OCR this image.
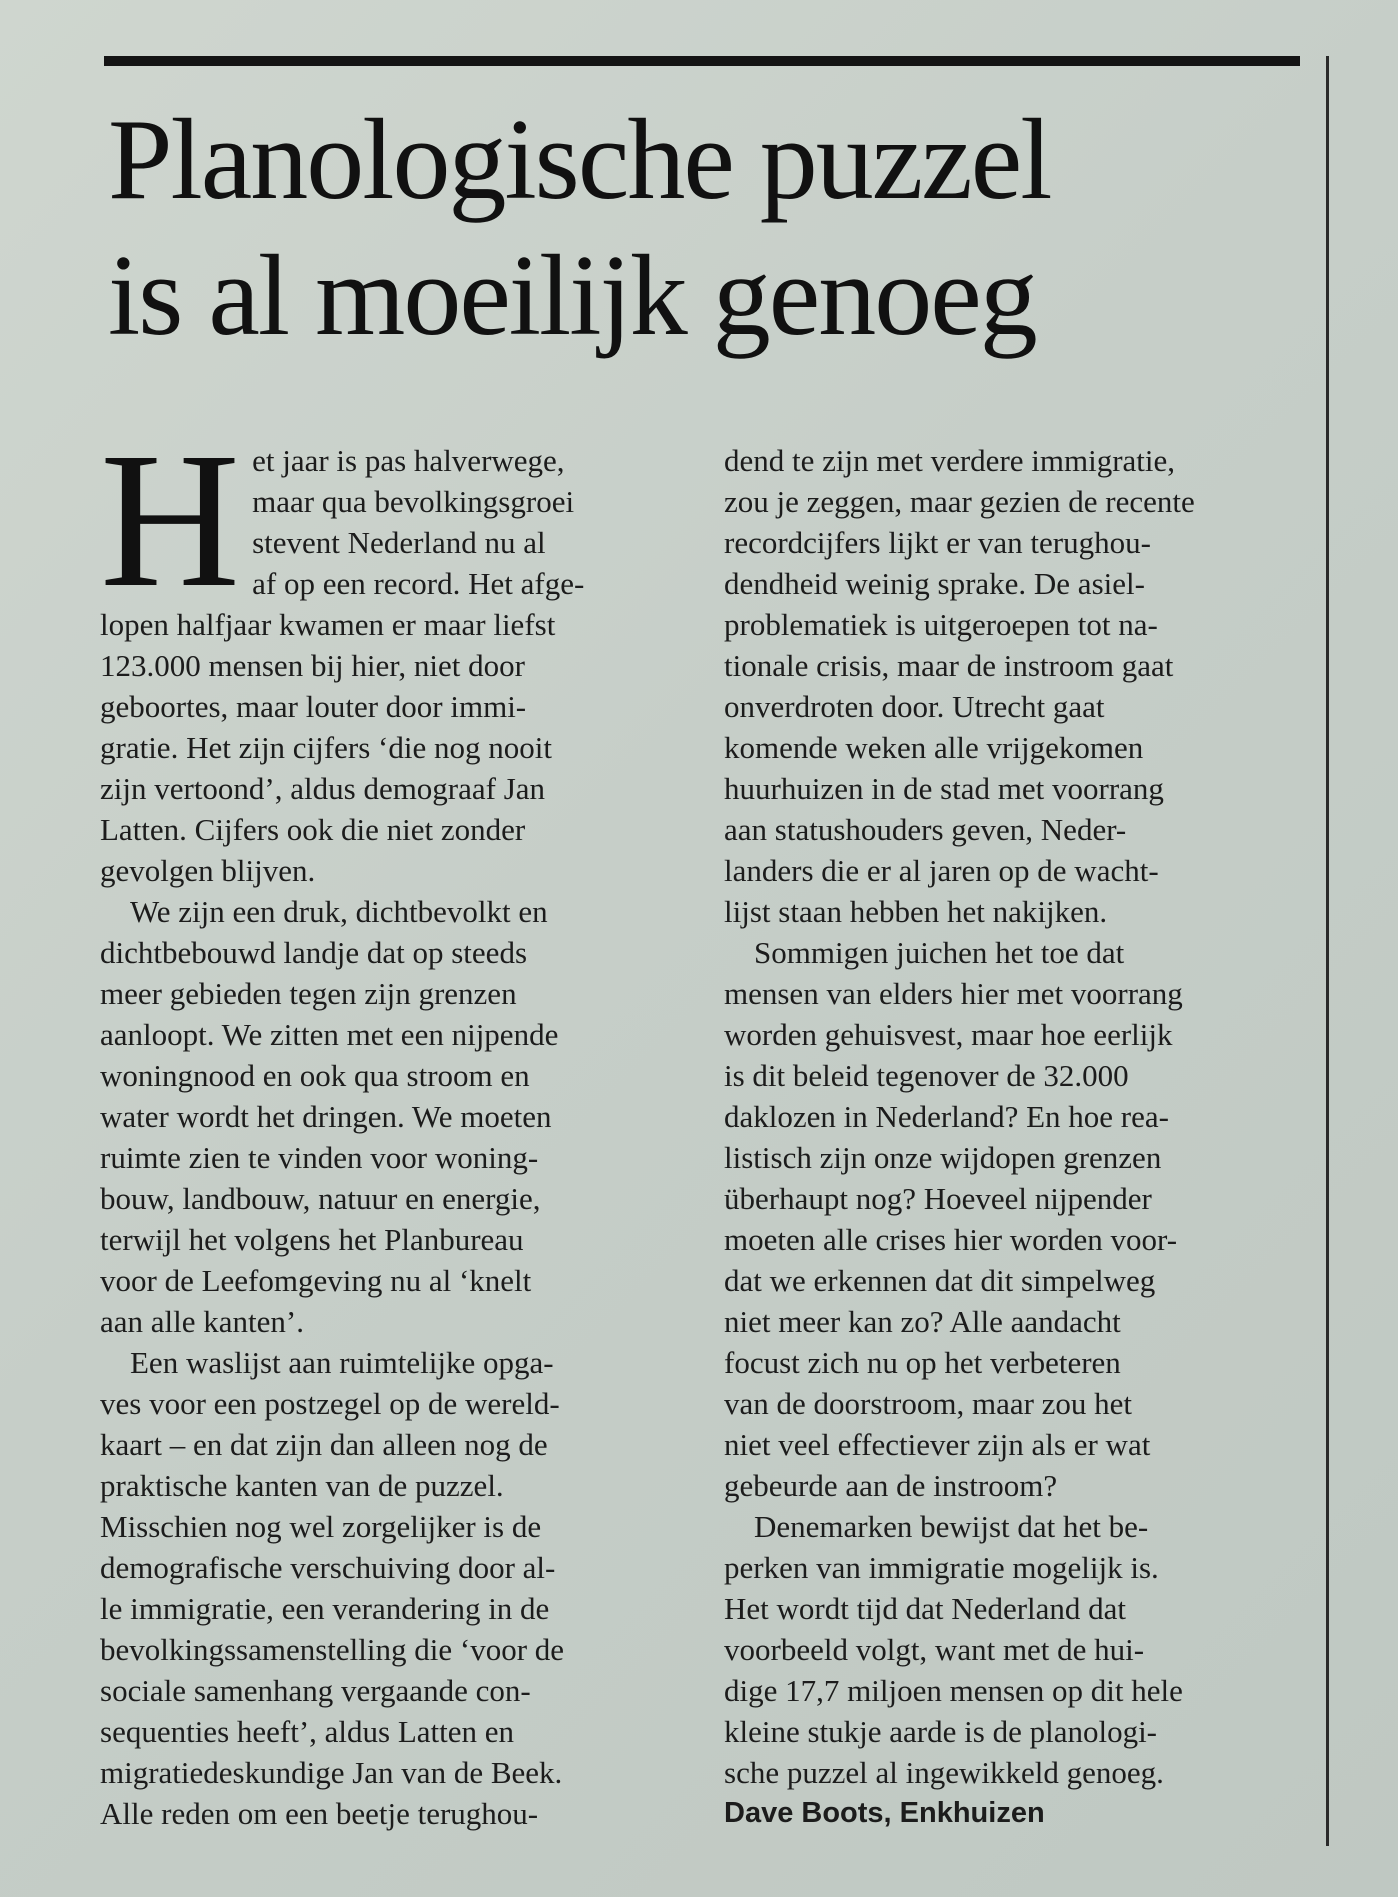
Planologische puzzel
is al moeilijk genoeg
H et jaar is pas halverwege,
maar qua bevolkingsgroei
stevent Nederland nu al
af op een record. Het afge-
lopen halfjaar kwamen er maar liefst
123.000 mensen bij hier, niet door
geboortes, maar louter door immi-
gratie. Het zijn cijfers ‘die nog nooit
zijn vertoond’, aldus demograaf Jan
Latten. Cijfers ook die niet zonder
gevolgen blijven.
We zijn een druk, dichtbevolkt en
dichtbebouwd landje dat op steeds
meer gebieden tegen zijn grenzen
aanloopt. We zitten met een nijpende
woningnood en ook qua stroom en
water wordt het dringen. We moeten
ruimte zien te vinden voor woning-
bouw, landbouw, natuur en energie,
terwijl het volgens het Planbureau
voor de Leefomgeving nu al ‘knelt
aan alle kanten’.
Een waslijst aan ruimtelijke opga-
ves voor een postzegel op de wereld-
kaart – en dat zijn dan alleen nog de
praktische kanten van de puzzel.
Misschien nog wel zorgelijker is de
demografische verschuiving door al-
le immigratie, een verandering in de
bevolkingssamenstelling die ‘voor de
sociale samenhang vergaande con-
sequenties heeft’, aldus Latten en
migratiedeskundige Jan van de Beek.
Alle reden om een beetje terughou-
dend te zijn met verdere immigratie,
zou je zeggen, maar gezien de recente
recordcijfers lijkt er van terughou-
dendheid weinig sprake. De asiel-
problematiek is uitgeroepen tot na-
tionale crisis, maar de instroom gaat
onverdroten door. Utrecht gaat
komende weken alle vrijgekomen
huurhuizen in de stad met voorrang
aan statushouders geven, Neder-
landers die er al jaren op de wacht-
lijst staan hebben het nakijken.
Sommigen juichen het toe dat
mensen van elders hier met voorrang
worden gehuisvest, maar hoe eerlijk
is dit beleid tegenover de 32.000
daklozen in Nederland? En hoe rea-
listisch zijn onze wijdopen grenzen
überhaupt nog? Hoeveel nijpender
moeten alle crises hier worden voor-
dat we erkennen dat dit simpelweg
niet meer kan zo? Alle aandacht
focust zich nu op het verbeteren
van de doorstroom, maar zou het
niet veel effectiever zijn als er wat
gebeurde aan de instroom?
Denemarken bewijst dat het be-
perken van immigratie mogelijk is.
Het wordt tijd dat Nederland dat
voorbeeld volgt, want met de hui-
dige 17,7 miljoen mensen op dit hele
kleine stukje aarde is de planologi-
sche puzzel al ingewikkeld genoeg.
Dave Boots, Enkhuizen
